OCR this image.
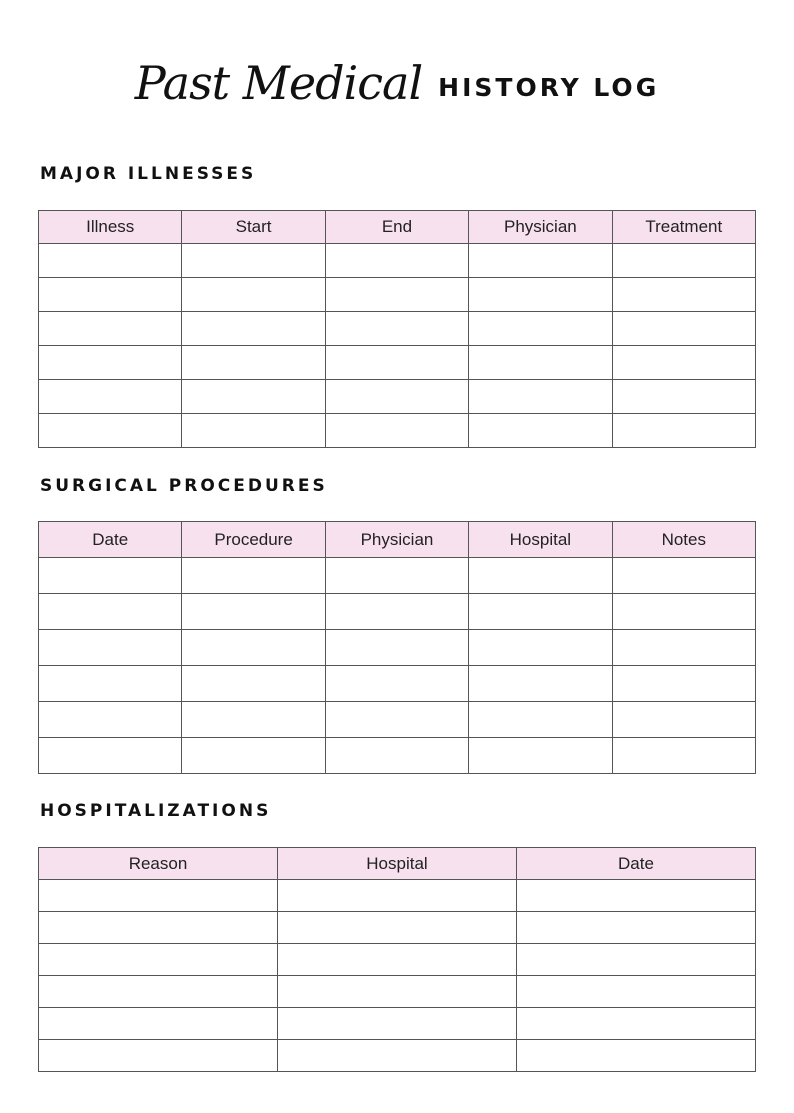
Past Medical HISTORY LOG
MAJOR ILLNESSES
Illness	Start	End	Physician	Treatment

SURGICAL PROCEDURES
Date	Procedure	Physician	Hospital	Notes

HOSPITALIZATIONS
Reason	Hospital	Date
